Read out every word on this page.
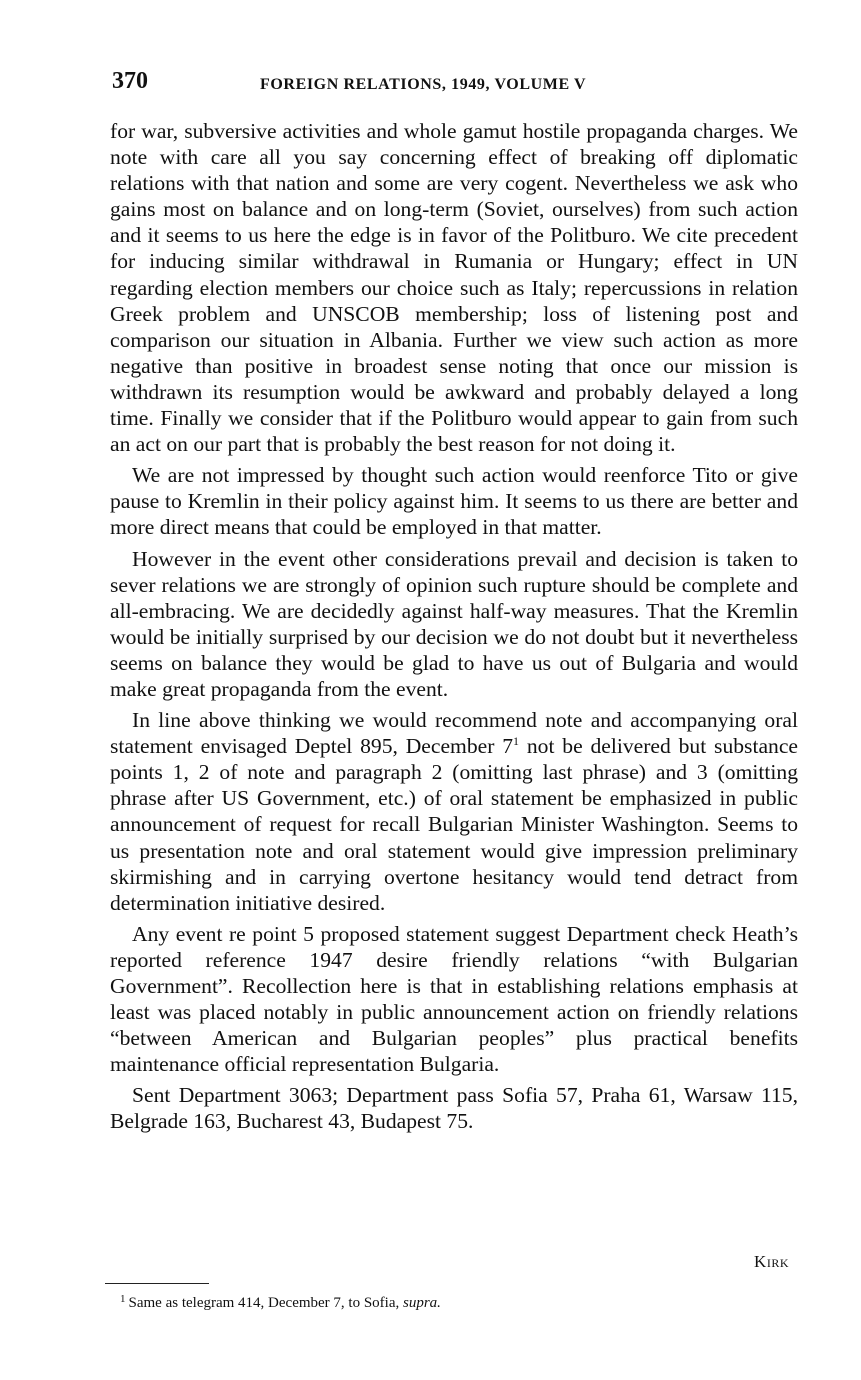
370	FOREIGN RELATIONS, 1949, VOLUME V

for war, subversive activities and whole gamut hostile propaganda charges. We note with care all you say concerning effect of breaking off diplomatic relations with that nation and some are very cogent. Nevertheless we ask who gains most on balance and on long-term (Soviet, ourselves) from such action and it seems to us here the edge is in favor of the Politburo. We cite precedent for inducing similar withdrawal in Rumania or Hungary; effect in UN regarding election members our choice such as Italy; repercussions in relation Greek problem and UNSCOB membership; loss of listening post and comparison our situation in Albania. Further we view such action as more negative than positive in broadest sense noting that once our mission is withdrawn its resumption would be awkward and probably delayed a long time. Finally we consider that if the Politburo would appear to gain from such an act on our part that is probably the best reason for not doing it.

We are not impressed by thought such action would reenforce Tito or give pause to Kremlin in their policy against him. It seems to us there are better and more direct means that could be employed in that matter.

However in the event other considerations prevail and decision is taken to sever relations we are strongly of opinion such rupture should be complete and all-embracing. We are decidedly against half-way measures. That the Kremlin would be initially surprised by our decision we do not doubt but it nevertheless seems on balance they would be glad to have us out of Bulgaria and would make great propaganda from the event.

In line above thinking we would recommend note and accompanying oral statement envisaged Deptel 895, December $7^1$ not be delivered but substance points 1, 2 of note and paragraph 2 (omitting last phrase) and 3 (omitting phrase after US Government, etc.) of oral statement be emphasized in public announcement of request for recall Bulgarian Minister Washington. Seems to us presentation note and oral statement would give impression preliminary skirmishing and in carrying overtone hesitancy would tend detract from determination initiative desired.

Any event re point 5 proposed statement suggest Department check Heath’s reported reference 1947 desire friendly relations “with Bulgarian Government”. Recollection here is that in establishing relations emphasis at least was placed notably in public announcement action on friendly relations “between American and Bulgarian peoples” plus practical benefits maintenance official representation Bulgaria.

Sent Department 3063; Department pass Sofia 57, Praha 61, Warsaw 115, Belgrade 163, Bucharest 43, Budapest 75.

Kirk
$^1$ Same as telegram 414, December 7, to Sofia, supra.
